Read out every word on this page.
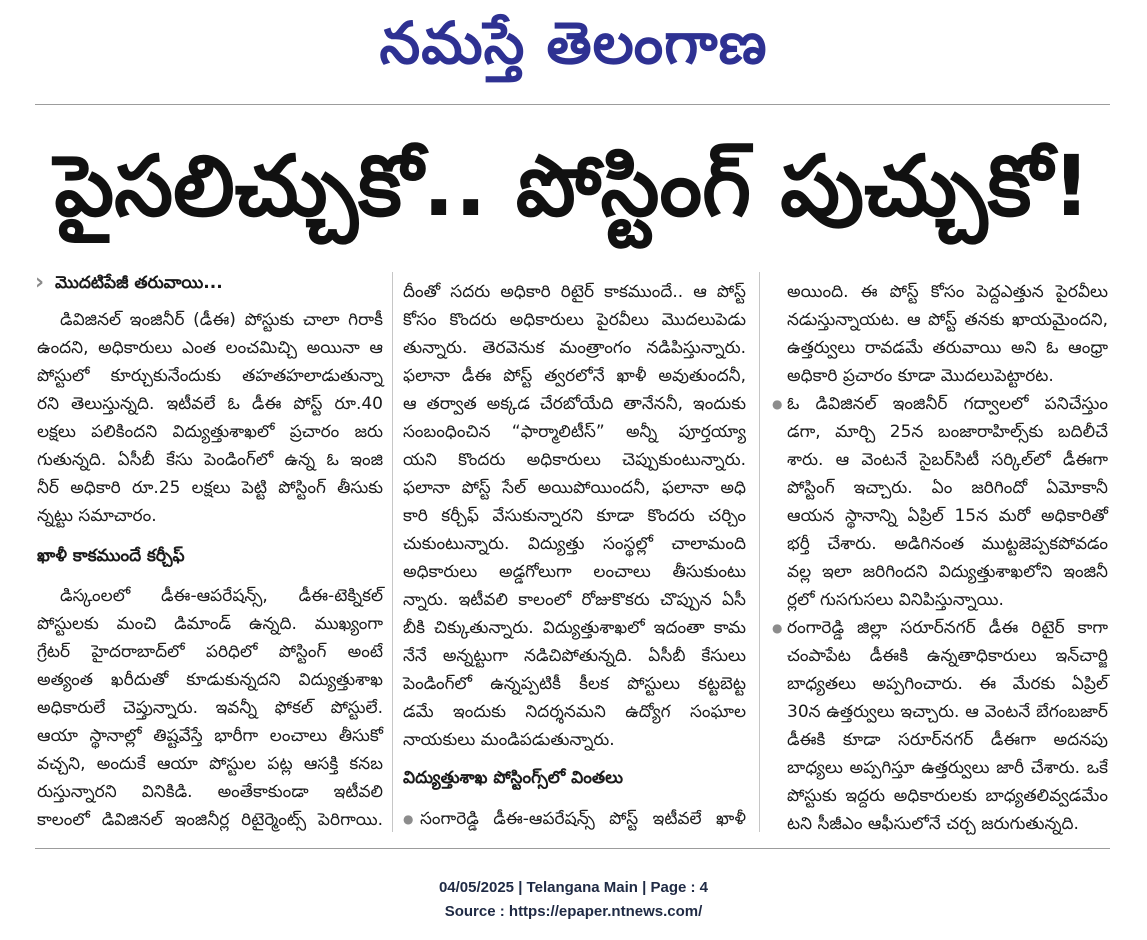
నమస్తే తెలంగాణ
పైసలిచ్చుకో.. పోస్టింగ్ పుచ్చుకో!
› మొదటిపేజీ తరువాయి...
డివిజినల్ ఇంజినీర్ (డీఈ) పోస్టుకు చాలా గిరాకీ
ఉందని, అధికారులు ఎంత లంచమిచ్చి అయినా ఆ
పోస్టులో కూర్చుకునేందుకు తహతహలాడుతున్నా
రని తెలుస్తున్నది. ఇటీవలే ఓ డీఈ పోస్ట్ రూ.40
లక్షలు పలికిందని విద్యుత్తుశాఖలో ప్రచారం జరు
గుతున్నది. ఏసీబీ కేసు పెండింగ్‌లో ఉన్న ఓ ఇంజి
నీర్ అధికారి రూ.25 లక్షలు పెట్టి పోస్టింగ్ తీసుకు
న్నట్టు సమాచారం.
ఖాళీ కాకముందే కర్చీఫ్
డిస్కంలలో డీఈ-ఆపరేషన్స్, డీఈ-టెక్నికల్
పోస్టులకు మంచి డిమాండ్ ఉన్నది. ముఖ్యంగా
గ్రేటర్ హైదరాబాద్‌లో పరిధిలో పోస్టింగ్ అంటే
అత్యంత ఖరీదుతో కూడుకున్నదని విద్యుత్తుశాఖ
అధికారులే చెప్తున్నారు. ఇవన్నీ ఫోకల్ పోస్టులే.
ఆయా స్థానాల్లో తిష్టవేస్తే భారీగా లంచాలు తీసుకో
వచ్చని, అందుకే ఆయా పోస్టుల పట్ల ఆసక్తి కనబ
రుస్తున్నారని వినికిడి. అంతేకాకుండా ఇటీవలి
కాలంలో డివిజినల్ ఇంజినీర్ల రిటైర్మెంట్స్ పెరిగాయి.
దీంతో సదరు అధికారి రిటైర్ కాకముందే.. ఆ పోస్ట్
కోసం కొందరు అధికారులు పైరవీలు మొదలుపెడు
తున్నారు. తెరవెనుక మంత్రాంగం నడిపిస్తున్నారు.
ఫలానా డీఈ పోస్ట్ త్వరలోనే ఖాళీ అవుతుందనీ,
ఆ తర్వాత అక్కడ చేరబోయేది తానేననీ, ఇందుకు
సంబంధించిన “ఫార్మాలిటీస్” అన్నీ పూర్తయ్యా
యని కొందరు అధికారులు చెప్పుకుంటున్నారు.
ఫలానా పోస్ట్ సేల్ అయిపోయిందనీ, ఫలానా అధి
కారి కర్చీఫ్ వేసుకున్నారని కూడా కొందరు చర్చిం
చుకుంటున్నారు. విద్యుత్తు సంస్థల్లో చాలామంది
అధికారులు అడ్డగోలుగా లంచాలు తీసుకుంటు
న్నారు. ఇటీవలి కాలంలో రోజుకొకరు చొప్పున ఏసీ
బీకి చిక్కుతున్నారు. విద్యుత్తుశాఖలో ఇదంతా కామ
నేనే అన్నట్టుగా నడిచిపోతున్నది. ఏసీబీ కేసులు
పెండింగ్‌లో ఉన్నప్పటికీ కీలక పోస్టులు కట్టబెట్ట
డమే ఇందుకు నిదర్శనమని ఉద్యోగ సంఘాల
నాయకులు మండిపడుతున్నారు.
విద్యుత్తుశాఖ పోస్టింగ్స్‌లో వింతలు
● సంగారెడ్డి డీఈ-ఆపరేషన్స్ పోస్ట్ ఇటీవలే ఖాళీ
అయింది. ఈ పోస్ట్ కోసం పెద్దఎత్తున పైరవీలు
నడుస్తున్నాయట. ఆ పోస్ట్ తనకు ఖాయమైందని,
ఉత్తర్వులు రావడమే తరువాయి అని ఓ ఆంధ్రా
అధికారి ప్రచారం కూడా మొదలుపెట్టారట.
● ఓ డివిజినల్ ఇంజినీర్ గద్వాలలో పనిచేస్తుం
డగా, మార్చి 25న బంజారాహిల్స్‌కు బదిలీచే
శారు. ఆ వెంటనే సైబర్‌సిటీ సర్కిల్‌లో డీఈగా
పోస్టింగ్ ఇచ్చారు. ఏం జరిగిందో ఏమోకానీ
ఆయన స్థానాన్ని ఏప్రిల్ 15న మరో అధికారితో
భర్తీ చేశారు. అడిగినంత ముట్టజెప్పకపోవడం
వల్ల ఇలా జరిగిందని విద్యుత్తుశాఖలోని ఇంజినీ
ర్లలో గుసగుసలు వినిపిస్తున్నాయి.
● రంగారెడ్డి జిల్లా సరూర్‌నగర్ డీఈ రిటైర్ కాగా
చంపాపేట డీఈకి ఉన్నతాధికారులు ఇన్‌చార్జి
బాధ్యతలు అప్పగించారు. ఈ మేరకు ఏప్రిల్
30న ఉత్తర్వులు ఇచ్చారు. ఆ వెంటనే బేగంబజార్
డీఈకి కూడా సరూర్‌నగర్ డీఈగా అదనపు
బాధ్యలు అప్పగిస్తూ ఉత్తర్వులు జారీ చేశారు. ఒకే
పోస్టుకు ఇద్దరు అధికారులకు బాధ్యతలివ్వడమేం
టని సీజీఎం ఆఫీసులోనే చర్చ జరుగుతున్నది.
04/05/2025 | Telangana Main | Page : 4
Source : https://epaper.ntnews.com/
